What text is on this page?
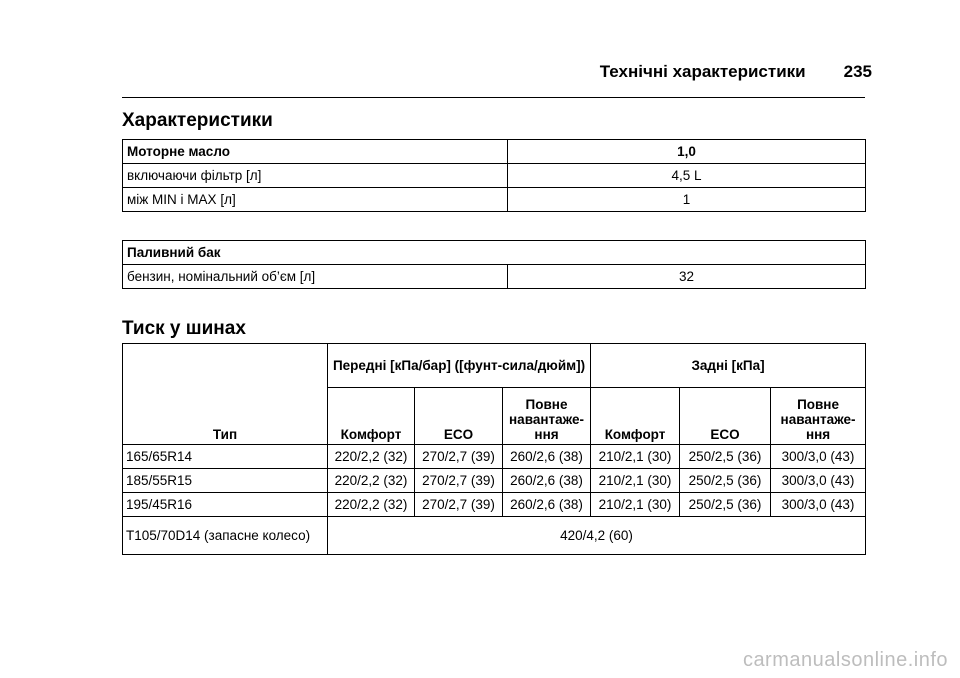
Технічні характеристики 235
Характеристики
Моторне масло	1,0
включаючи фільтр [л]	4,5 L
між MIN і MAX [л]	1
Паливний бак
бензин, номінальний об’єм [л]	32
Тиск у шинах
Тип	Передні [кПа/бар] ([фунт-сила/дюйм])			Задні [кПа]		
	Комфорт	ECO	Повне навантаже-ння	Комфорт	ECO	Повне навантаже-ння
165/65R14	220/2,2 (32)	270/2,7 (39)	260/2,6 (38)	210/2,1 (30)	250/2,5 (36)	300/3,0 (43)
185/55R15	220/2,2 (32)	270/2,7 (39)	260/2,6 (38)	210/2,1 (30)	250/2,5 (36)	300/3,0 (43)
195/45R16	220/2,2 (32)	270/2,7 (39)	260/2,6 (38)	210/2,1 (30)	250/2,5 (36)	300/3,0 (43)
T105/70D14 (запасне колесо)	420/4,2 (60)					
carmanualsonline.info
